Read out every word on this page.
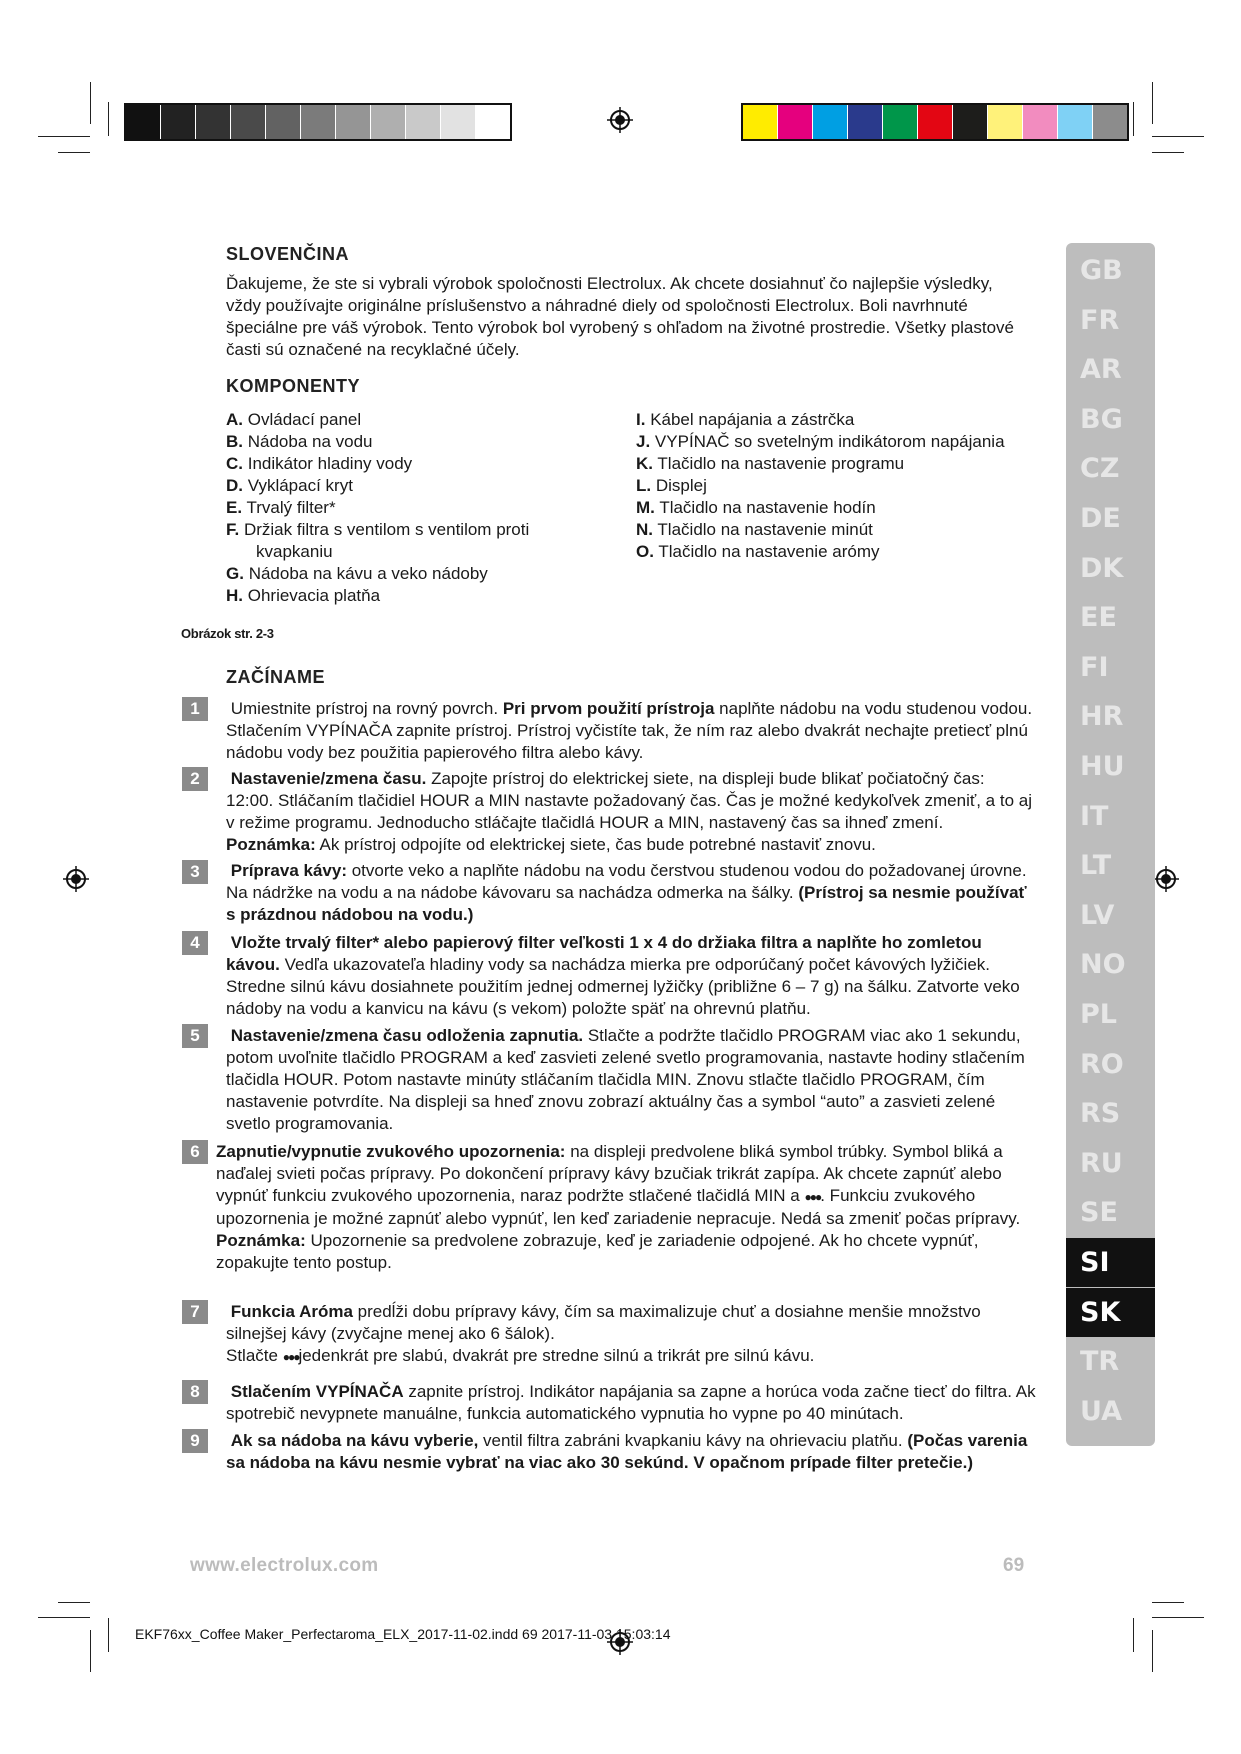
SLOVENČINA
Ďakujeme, že ste si vybrali výrobok spoločnosti Electrolux. Ak chcete dosiahnuť čo najlepšie výsledky, vždy používajte originálne príslušenstvo a náhradné diely od spoločnosti Electrolux. Boli navrhnuté špeciálne pre váš výrobok. Tento výrobok bol vyrobený s ohľadom na životné prostredie. Všetky plastové časti sú označené na recyklačné účely.
KOMPONENTY
A. Ovládací panel
B. Nádoba na vodu
C. Indikátor hladiny vody
D. Vyklápací kryt
E. Trvalý filter*
F. Držiak filtra s ventilom s ventilom proti
kvapkaniu
G. Nádoba na kávu a veko nádoby
H. Ohrievacia platňa
I. Kábel napájania a zástrčka
J. VYPÍNAČ so svetelným indikátorom napájania
K. Tlačidlo na nastavenie programu
L. Displej
M. Tlačidlo na nastavenie hodín
N. Tlačidlo na nastavenie minút
O. Tlačidlo na nastavenie arómy
Obrázok str. 2-3
ZAČÍNAME
1	Umiestnite prístroj na rovný povrch. Pri prvom použití prístroja naplňte nádobu na vodu studenou vodou. Stlačením VYPÍNAČA zapnite prístroj. Prístroj vyčistíte tak, že ním raz alebo dvakrát nechajte pretiecť plnú nádobu vody bez použitia papierového filtra alebo kávy.
2	Nastavenie/zmena času. Zapojte prístroj do elektrickej siete, na displeji bude blikať počiatočný čas: 12:00. Stláčaním tlačidiel HOUR a MIN nastavte požadovaný čas. Čas je možné kedykoľvek zmeniť, a to aj v režime programu. Jednoducho stláčajte tlačidlá HOUR a MIN, nastavený čas sa ihneď zmení.
Poznámka: Ak prístroj odpojíte od elektrickej siete, čas bude potrebné nastaviť znovu.
3	Príprava kávy: otvorte veko a naplňte nádobu na vodu čerstvou studenou vodou do požadovanej úrovne. Na nádržke na vodu a na nádobe kávovaru sa nachádza odmerka na šálky. (Prístroj sa nesmie používať s prázdnou nádobou na vodu.)
4	Vložte trvalý filter* alebo papierový filter veľkosti 1 x 4 do držiaka filtra a naplňte ho zomletou kávou. Vedľa ukazovateľa hladiny vody sa nachádza mierka pre odporúčaný počet kávových lyžičiek. Stredne silnú kávu dosiahnete použitím jednej odmernej lyžičky (približne 6 – 7 g) na šálku. Zatvorte veko nádoby na vodu a kanvicu na kávu (s vekom) položte späť na ohrevnú platňu.
5	Nastavenie/zmena času odloženia zapnutia. Stlačte a podržte tlačidlo PROGRAM viac ako 1 sekundu, potom uvoľnite tlačidlo PROGRAM a keď zasvieti zelené svetlo programovania, nastavte hodiny stlačením tlačidla HOUR. Potom nastavte minúty stláčaním tlačidla MIN. Znovu stlačte tlačidlo PROGRAM, čím nastavenie potvrdíte. Na displeji sa hneď znovu zobrazí aktuálny čas a symbol “auto” a zasvieti zelené svetlo programovania.
6 Zapnutie/vypnutie zvukového upozornenia: na displeji predvolene bliká symbol trúbky. Symbol bliká a naďalej svieti počas prípravy. Po dokončení prípravy kávy bzučiak trikrát zapípa. Ak chcete zapnúť alebo vypnúť funkciu zvukového upozornenia, naraz podržte stlačené tlačidlá MIN a ●●●. Funkciu zvukového upozornenia je možné zapnúť alebo vypnúť, len keď zariadenie nepracuje. Nedá sa zmeniť počas prípravy.
Poznámka: Upozornenie sa predvolene zobrazuje, keď je zariadenie odpojené. Ak ho chcete vypnúť, zopakujte tento postup.
7	Funkcia Aróma predĺži dobu prípravy kávy, čím sa maximalizuje chuť a dosiahne menšie množstvo silnejšej kávy (zvyčajne menej ako 6 šálok).
Stlačte ●●●jedenkrát pre slabú, dvakrát pre stredne silnú a trikrát pre silnú kávu.
8	Stlačením VYPÍNAČA zapnite prístroj. Indikátor napájania sa zapne a horúca voda začne tiecť do filtra. Ak spotrebič nevypnete manuálne, funkcia automatického vypnutia ho vypne po 40 minútach.
9	Ak sa nádoba na kávu vyberie, ventil filtra zabráni kvapkaniu kávy na ohrievaciu platňu. (Počas varenia sa nádoba na kávu nesmie vybrať na viac ako 30 sekúnd. V opačnom prípade filter pretečie.)
GB
FR
AR
BG
CZ
DE
DK
EE
FI
HR
HU
IT
LT
LV
NO
PL
RO
RS
RU
SE
SI
SK
TR
UA
www.electrolux.com	69
EKF76xx_Coffee Maker_Perfectaroma_ELX_2017-11-02.indd 69 2017-11-03 15:03:14
